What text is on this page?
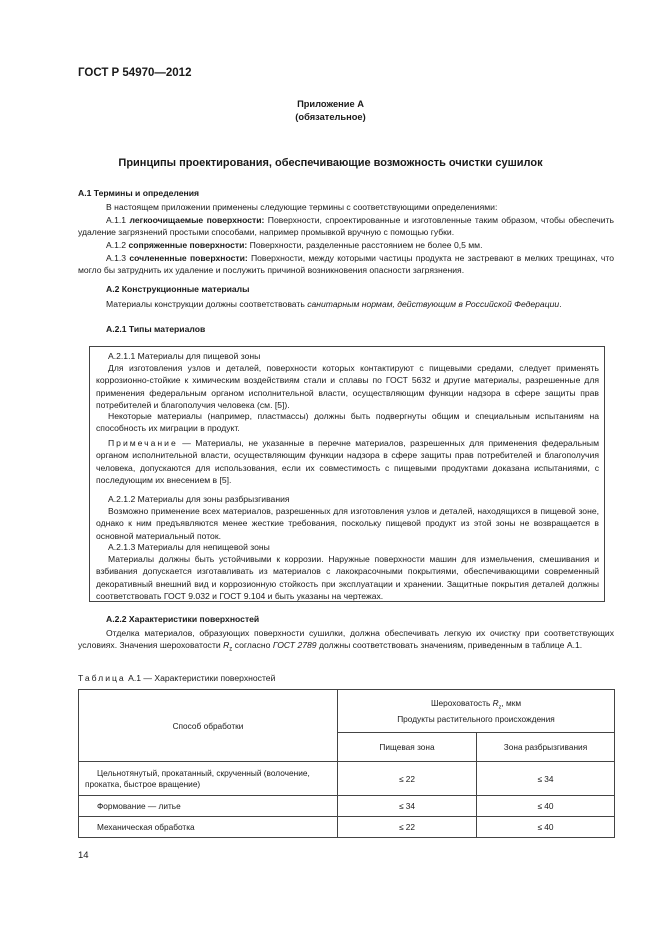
ГОСТ Р 54970—2012
Приложение А
(обязательное)
Принципы проектирования, обеспечивающие возможность очистки сушилок
А.1 Термины и определения
В настоящем приложении применены следующие термины с соответствующими определениями:
А.1.1 легкоочищаемые поверхности: Поверхности, спроектированные и изготовленные таким образом, чтобы обеспечить удаление загрязнений простыми способами, например промывкой вручную с помощью губки.
А.1.2 сопряженные поверхности: Поверхности, разделенные расстоянием не более 0,5 мм.
А.1.3 сочлененные поверхности: Поверхности, между которыми частицы продукта не застревают в мелких трещинах, что могло бы затруднить их удаление и послужить причиной возникновения опасности загрязнения.
А.2 Конструкционные материалы
Материалы конструкции должны соответствовать санитарным нормам, действующим в Российской Федерации.
А.2.1 Типы материалов
А.2.1.1 Материалы для пищевой зоны
Для изготовления узлов и деталей, поверхности которых контактируют с пищевыми средами, следует применять коррозионно-стойкие к химическим воздействиям стали и сплавы по ГОСТ 5632 и другие материалы, разрешенные для применения федеральным органом исполнительной власти, осуществляющим функции надзора в сфере защиты прав потребителей и благополучия человека (см. [5]).
Некоторые материалы (например, пластмассы) должны быть подвергнуты общим и специальным испытаниям на способность их миграции в продукт.
Примечание — Материалы, не указанные в перечне материалов, разрешенных для применения федеральным органом исполнительной власти, осуществляющим функции надзора в сфере защиты прав потребителей и благополучия человека, допускаются для использования, если их совместимость с пищевыми продуктами доказана испытаниями, с последующим их внесением в [5].
А.2.1.2 Материалы для зоны разбрызгивания
Возможно применение всех материалов, разрешенных для изготовления узлов и деталей, находящихся в пищевой зоне, однако к ним предъявляются менее жесткие требования, поскольку пищевой продукт из этой зоны не возвращается в основной материальный поток.
А.2.1.3 Материалы для непищевой зоны
Материалы должны быть устойчивыми к коррозии. Наружные поверхности машин для измельчения, смешивания и взбивания допускается изготавливать из материалов с лакокрасочными покрытиями, обеспечивающими современный декоративный внешний вид и коррозионную стойкость при эксплуатации и хранении. Защитные покрытия деталей должны соответствовать ГОСТ 9.032 и ГОСТ 9.104 и быть указаны на чертежах.
А.2.2 Характеристики поверхностей
Отделка материалов, образующих поверхности сушилки, должна обеспечивать легкую их очистку при соответствующих условиях. Значения шероховатости $R_z$ согласно ГОСТ 2789 должны соответствовать значениям, приведенным в таблице А.1.
Таблица А.1 — Характеристики поверхностей
Способ обработки	Шероховатость $R_z$, мкм
Продукты растительного происхождения	

	Пищевая зона	Зона разбрызгивания
Цельнотянутый, прокатанный, скрученный (волочение, прокатка, быстрое вращение)	≤ 22	≤ 34
Формование — литье	≤ 34	≤ 40
Механическая обработка	≤ 22	≤ 40
14
